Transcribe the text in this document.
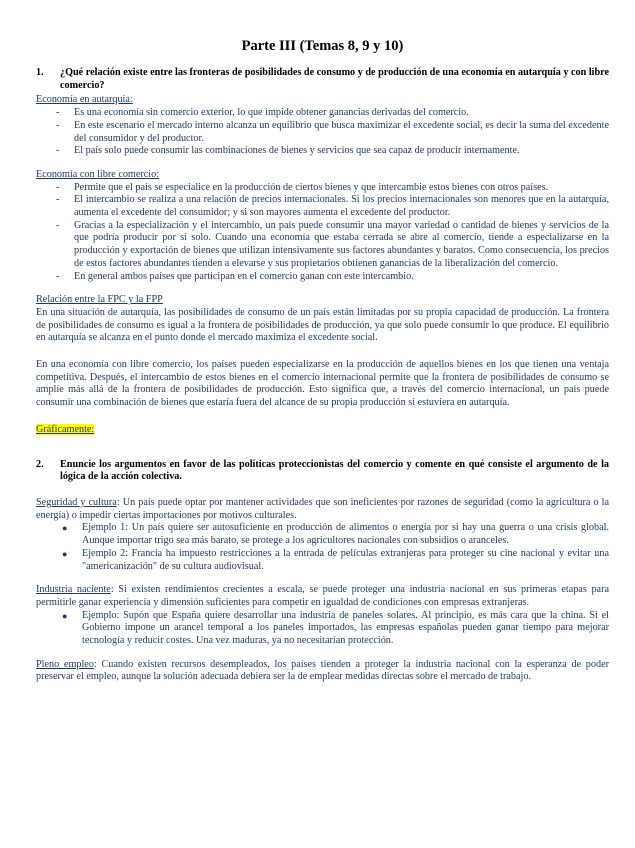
Parte III (Temas 8, 9 y 10)
1.	¿Qué relación existe entre las fronteras de posibilidades de consumo y de producción de una economía en autarquía y con libre comercio?
Economía en autarquía:
- Es una economía sin comercio exterior, lo que impide obtener ganancias derivadas del comercio.
- En este escenario el mercado interno alcanza un equilibrio que busca maximizar el excedente social, es decir la suma del excedente del consumidor y del productor.
- El país solo puede consumir las combinaciones de bienes y servicios que sea capaz de producir internamente.
Economía con libre comercio:
- Permite que el país se especialice en la producción de ciertos bienes y que intercambie estos bienes con otros países.
- El intercambio se realiza a una relación de precios internacionales. Si los precios internacionales son menores que en la autarquía, aumenta el excedente del consumidor; y si son mayores aumenta el excedente del productor.
- Gracias a la especialización y el intercambio, un país puede consumir una mayor variedad o cantidad de bienes y servicios de la que podría producir por sí solo. Cuando una economía que estaba cerrada se abre al comercio, tiende a especializarse en la producción y exportación de bienes que utilizan intensivamente sus factores abundantes y baratos. Como consecuencia, los precios de estos factores abundantes tienden a elevarse y sus propietarios obtienen ganancias de la liberalización del comercio.
- En general ambos países que participan en el comercio ganan con este intercambio.
Relación entre la FPC y la FPP

En una situación de autarquía, las posibilidades de consumo de un país están limitadas por su propia capacidad de producción. La frontera de posibilidades de consumo es igual a la frontera de posibilidades de producción, ya que solo puede consumir lo que produce. El equilibrio en autarquía se alcanza en el punto donde el mercado maximiza el excedente social.

En una economía con libre comercio, los países pueden especializarse en la producción de aquellos bienes en los que tienen una ventaja competitiva. Después, el intercambio de estos bienes en el comercio internacional permite que la frontera de posibilidades de consumo se amplíe más allá de la frontera de posibilidades de producción. Esto significa que, a través del comercio internacional, un país puede consumir una combinación de bienes que estaría fuera del alcance de su propia producción si estuviera en autarquía.

Gráficamente:
2.	Enuncie los argumentos en favor de las políticas proteccionistas del comercio y comente en qué consiste el argumento de la lógica de la acción colectiva.

Seguridad y cultura: Un país puede optar por mantener actividades que son ineficientes por razones de seguridad (como la agricultura o la energía) o impedir ciertas importaciones por motivos culturales.

● Ejemplo 1: Un país quiere ser autosuficiente en producción de alimentos o energía por si hay una guerra o una crisis global. Aunque importar trigo sea más barato, se protege a los agricultores nacionales con subsidios o aranceles.
● Ejemplo 2: Francia ha impuesto restricciones a la entrada de películas extranjeras para proteger su cine nacional y evitar una "americanización" de su cultura audiovisual.

Industria naciente: Si existen rendimientos crecientes a escala, se puede proteger una industria nacional en sus primeras etapas para permitirle ganar experiencia y dimensión suficientes para competir en igualdad de condiciones con empresas extranjeras.

● Ejemplo: Supón que España quiere desarrollar una industria de paneles solares. Al principio, es más cara que la china. Si el Gobierno impone un arancel temporal a los paneles importados, las empresas españolas pueden ganar tiempo para mejorar tecnología y reducir costes. Una vez maduras, ya no necesitarían protección.

Pleno empleo: Cuando existen recursos desempleados, los países tienden a proteger la industria nacional con la esperanza de poder preservar el empleo, aunque la solución adecuada debiera ser la de emplear medidas directas sobre el mercado de trabajo.
